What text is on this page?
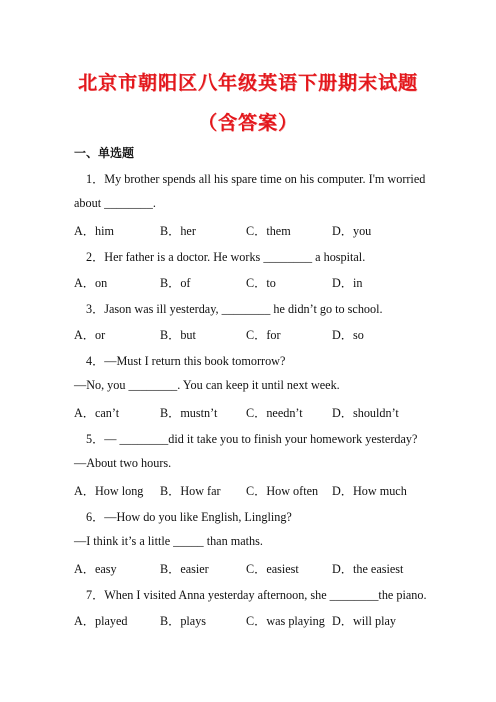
北京市朝阳区八年级英语下册期末试题
（含答案）
一、单选题
1．My brother spends all his spare time on his computer. I'm worried
about ________.
A．him	B．her	C．them	D．you
2．Her father is a doctor. He works ________ a hospital.
A．on	B．of	C．to	D．in
3．Jason was ill yesterday, ________ he didn’t go to school.
A．or	B．but	C．for	D．so
4．—Must I return this book tomorrow?
—No, you ________. You can keep it until next week.
A．can’t	B．mustn’t C．needn’t D．shouldn’t
5．— ________did it take you to finish your homework yesterday?
—About two hours.
A．How long B．How far C．How often D．How much
6．—How do you like English, Lingling?
—I think it’s a little _____ than maths.
A．easy	B．easier	C．easiest	D．the easiest
7．When I visited Anna yesterday afternoon, she ________the piano.
A．played	B．plays	C．was playing D．will play
